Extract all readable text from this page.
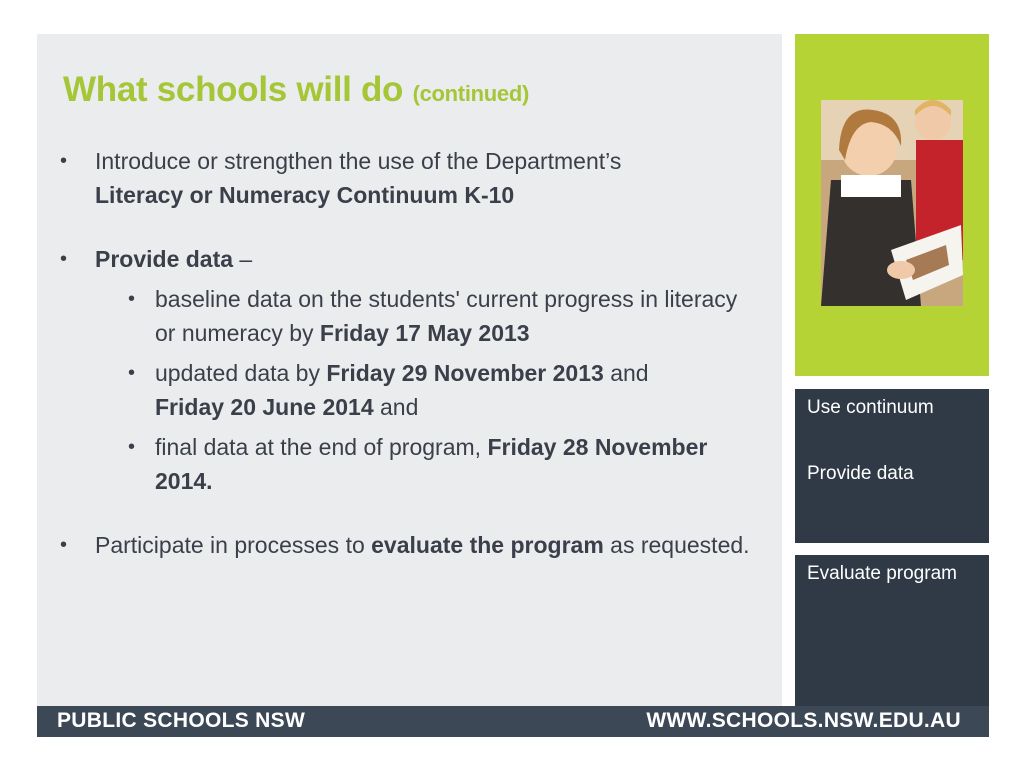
What schools will do (continued)
• Introduce or strengthen the use of the Department’s
Literacy or Numeracy Continuum K-10
• Provide data –
• baseline data on the students' current progress in literacy or numeracy by Friday 17 May 2013
• updated data by Friday 29 November 2013 and
Friday 20 June 2014 and
• final data at the end of program, Friday 28 November 2014.
• Participate in processes to evaluate the program as requested.
Use continuum
Provide data
Evaluate program
PUBLIC SCHOOLS NSW	WWW.SCHOOLS.NSW.EDU.AU
